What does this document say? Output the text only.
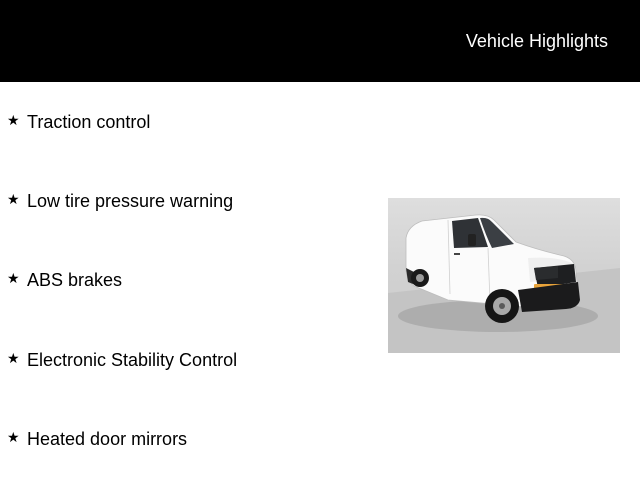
Vehicle Highlights
★ Traction control
★ Low tire pressure warning
★ ABS brakes
★ Electronic Stability Control
★ Heated door mirrors
